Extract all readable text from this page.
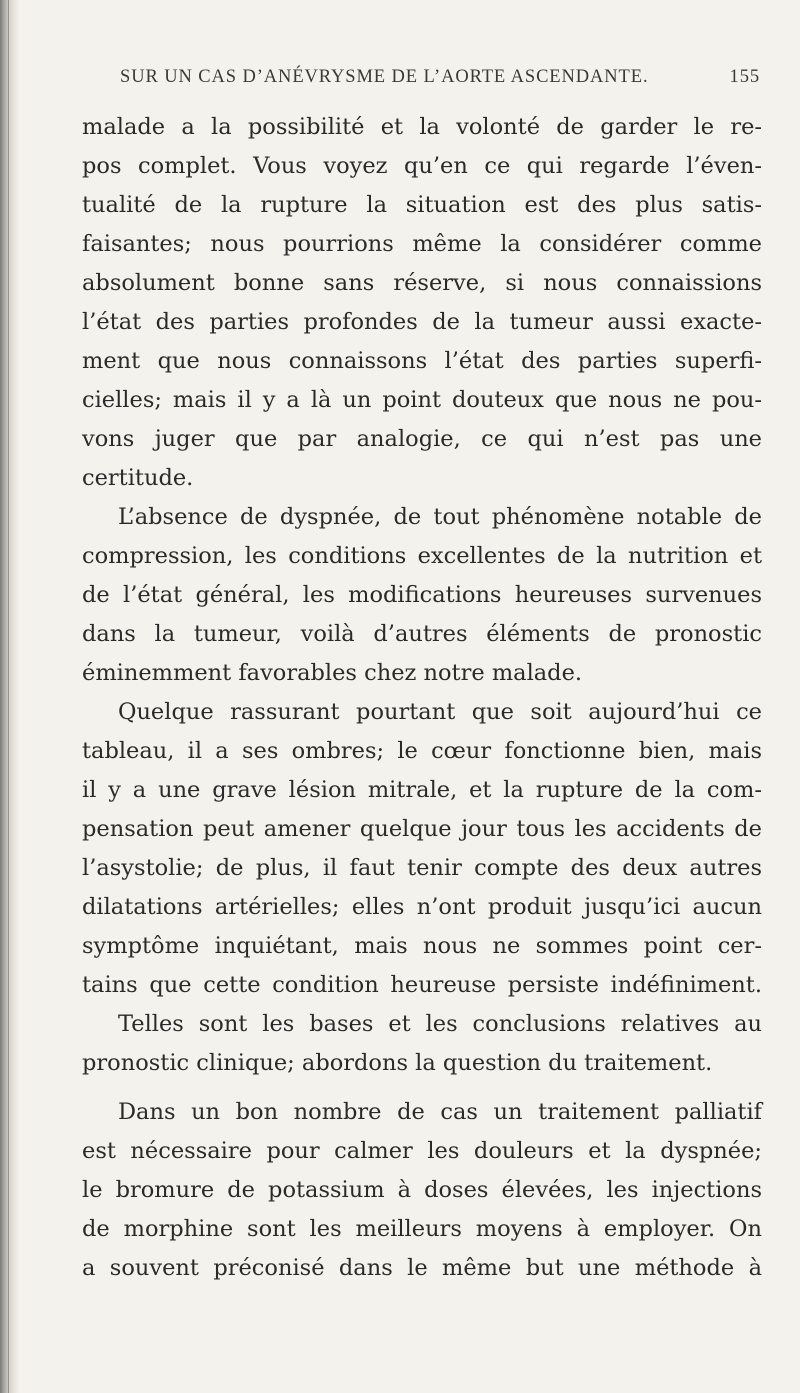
SUR UN CAS D’ANÉVRYSME DE L’AORTE ASCENDANTE.	155
malade a la possibilité et la volonté de garder le re-
pos complet. Vous voyez qu’en ce qui regarde l’éven-
tualité de la rupture la situation est des plus satis-
faisantes; nous pourrions même la considérer comme
absolument bonne sans réserve, si nous connaissions
l’état des parties profondes de la tumeur aussi exacte-
ment que nous connaissons l’état des parties superfi-
cielles; mais il y a là un point douteux que nous ne pou-
vons juger que par analogie, ce qui n’est pas une
certitude.
L’absence de dyspnée, de tout phénomène notable de
compression, les conditions excellentes de la nutrition et
de l’état général, les modifications heureuses survenues
dans la tumeur, voilà d’autres éléments de pronostic
éminemment favorables chez notre malade.
Quelque rassurant pourtant que soit aujourd’hui ce
tableau, il a ses ombres; le cœur fonctionne bien, mais
il y a une grave lésion mitrale, et la rupture de la com-
pensation peut amener quelque jour tous les accidents de
l’asystolie; de plus, il faut tenir compte des deux autres
dilatations artérielles; elles n’ont produit jusqu’ici aucun
symptôme inquiétant, mais nous ne sommes point cer-
tains que cette condition heureuse persiste indéfiniment.
Telles sont les bases et les conclusions relatives au
pronostic clinique; abordons la question du traitement.
Dans un bon nombre de cas un traitement palliatif
est nécessaire pour calmer les douleurs et la dyspnée;
le bromure de potassium à doses élevées, les injections
de morphine sont les meilleurs moyens à employer. On
a souvent préconisé dans le même but une méthode à
